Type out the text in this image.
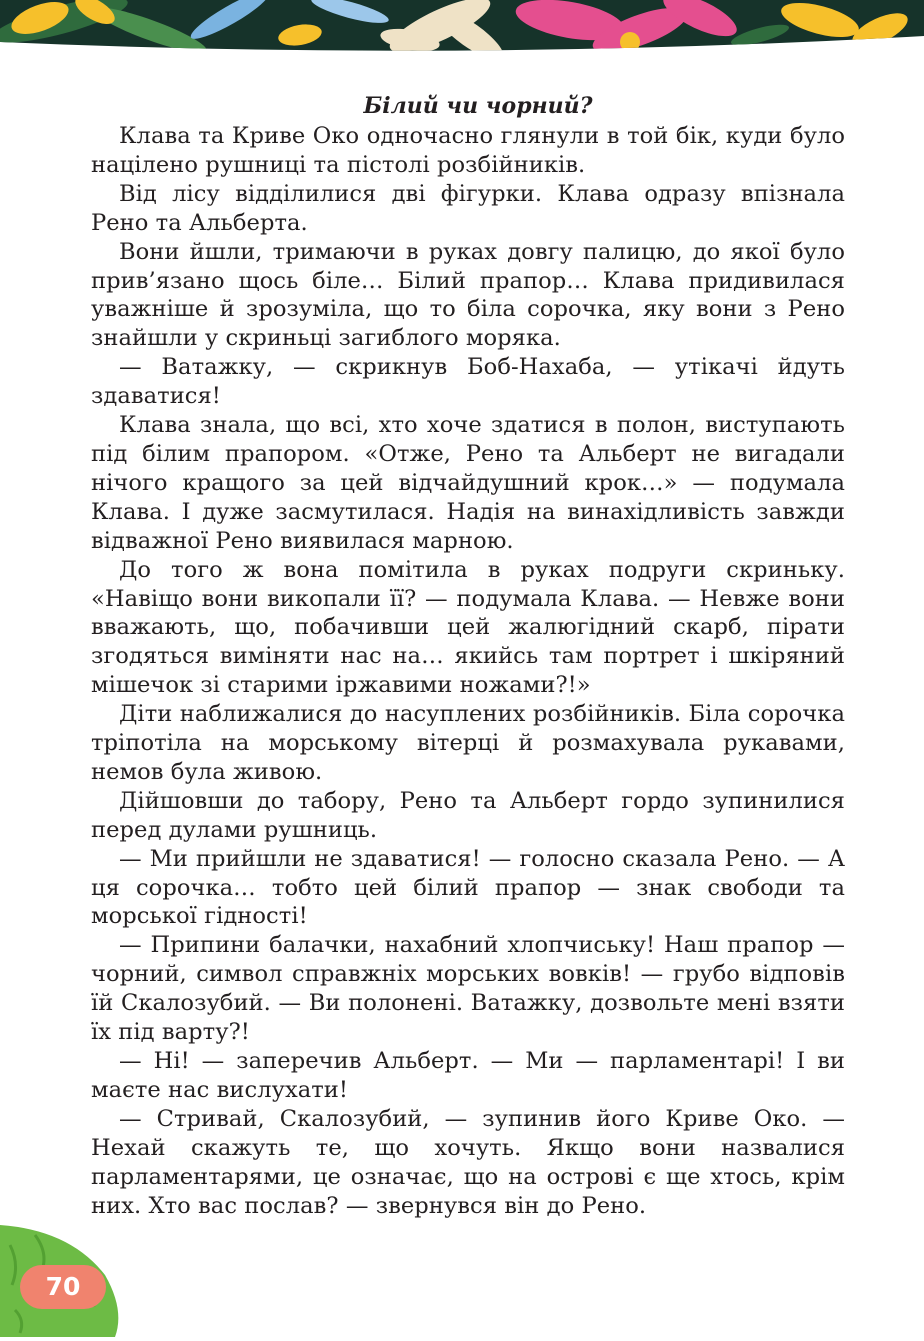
Білий чи чорний?

Клава та Криве Око одночасно глянули в той бік, куди було націлено рушниці та пістолі розбійників.

Від лісу відділилися дві фігурки. Клава одразу впізнала Рено та Альберта.

Вони йшли, тримаючи в руках довгу палицю, до якої було прив’язано щось біле… Білий прапор… Клава придивилася уважніше й зрозуміла, що то біла сорочка, яку вони з Рено знайшли у скриньці загиблого моряка.

— Ватажку, — скрикнув Боб-Нахаба, — утікачі йдуть здаватися!

Клава знала, що всі, хто хоче здатися в полон, виступають під білим прапором. «Отже, Рено та Альберт не вигадали нічого кращого за цей відчайдушний крок…» — подумала Клава. І дуже засмутилася. Надія на винахідливість завжди відважної Рено виявилася марною.

До того ж вона помітила в руках подруги скриньку. «Навіщо вони викопали її? — подумала Клава. — Невже вони вважають, що, побачивши цей жалюгідний скарб, пірати згодяться виміняти нас на… якийсь там портрет і шкіряний мішечок зі старими іржавими ножами?!»

Діти наближалися до насуплених розбійників. Біла сорочка тріпотіла на морському вітерці й розмахувала рукавами, немов була живою.

Дійшовши до табору, Рено та Альберт гордо зупинилися перед дулами рушниць.

— Ми прийшли не здаватися! — голосно сказала Рено. — А ця сорочка… тобто цей білий прапор — знак свободи та морської гідності!

— Припини балачки, нахабний хлопчиську! Наш прапор — чорний, символ справжніх морських вовків! — грубо відповів їй Скалозубий. — Ви полонені. Ватажку, дозвольте мені взяти їх під варту?!

— Ні! — заперечив Альберт. — Ми — парламентарі! І ви маєте нас вислухати!

— Стривай, Скалозубий, — зупинив його Криве Око. — Нехай скажуть те, що хочуть. Якщо вони назвалися парламентарями, це означає, що на острові є ще хтось, крім них. Хто вас послав? — звернувся він до Рено.

70
